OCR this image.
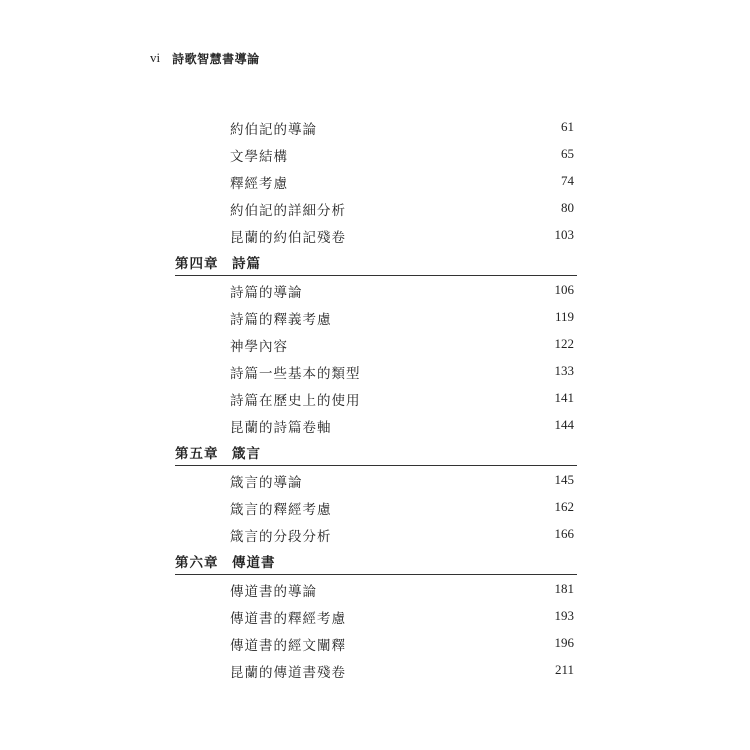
vi 詩歌智慧書導論
約伯記的導論	61
文學結構	65
釋經考慮	74
約伯記的詳細分析	80
昆蘭的約伯記殘卷	103
第四章 詩篇
詩篇的導論	106
詩篇的釋義考慮	119
神學內容	122
詩篇一些基本的類型	133
詩篇在歷史上的使用	141
昆蘭的詩篇卷軸	144
第五章 箴言
箴言的導論	145
箴言的釋經考慮	162
箴言的分段分析	166
第六章 傳道書
傳道書的導論	181
傳道書的釋經考慮	193
傳道書的經文闡釋	196
昆蘭的傳道書殘卷	211
